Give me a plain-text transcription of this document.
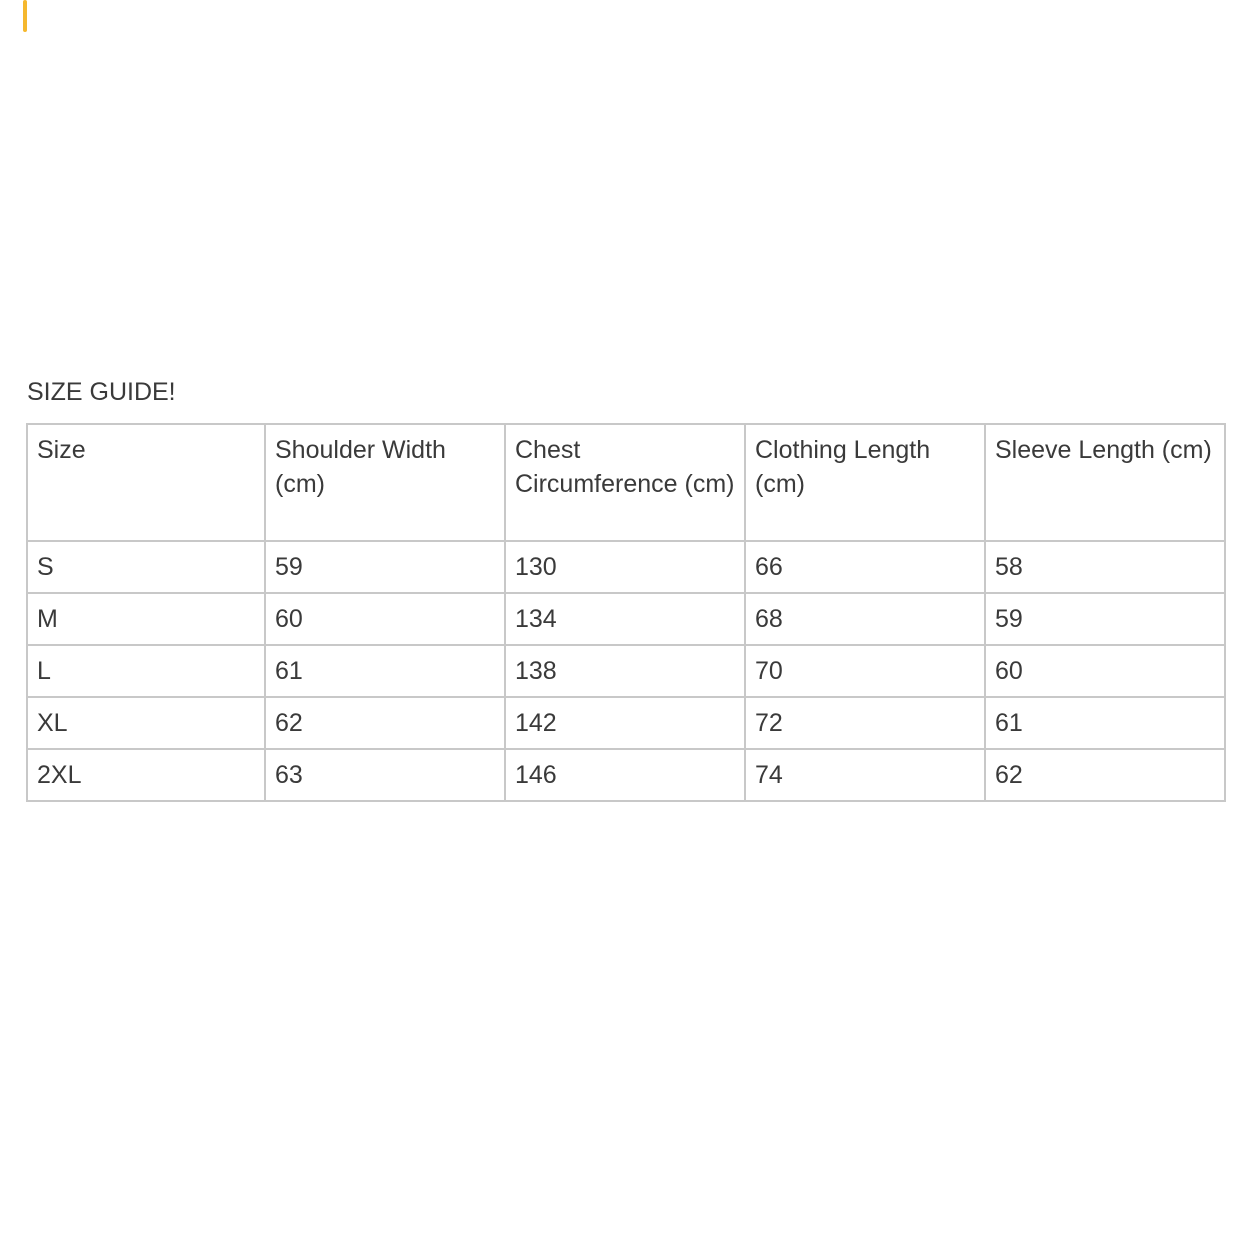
SIZE GUIDE!
Size	Shoulder Width (cm)	Chest Circumference (cm)	Clothing Length (cm)	Sleeve Length (cm)
S	59	130	66	58
M	60	134	68	59
L	61	138	70	60
XL	62	142	72	61
2XL	63	146	74	62
